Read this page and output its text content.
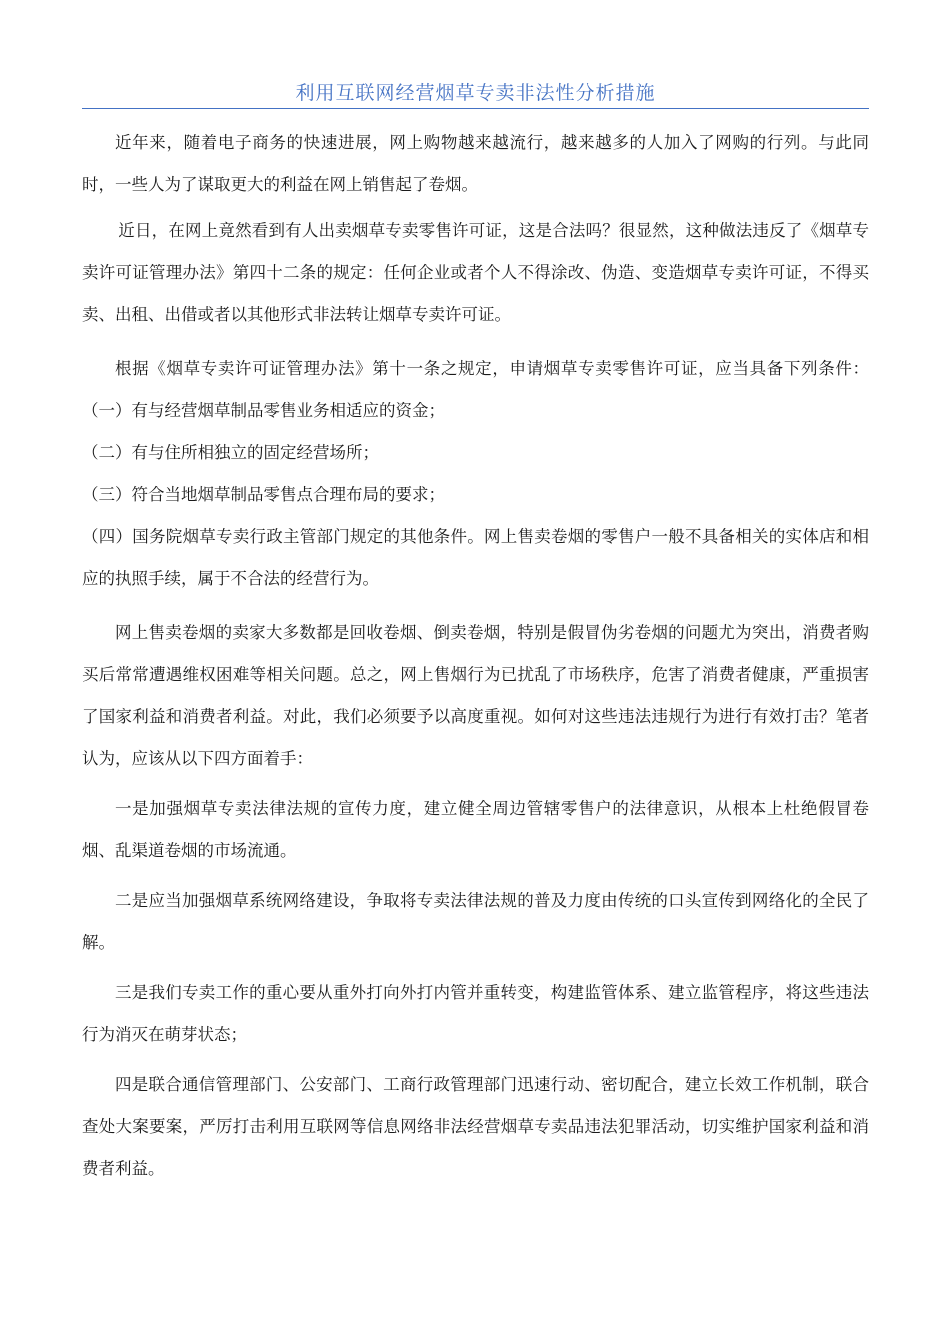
利用互联网经营烟草专卖非法性分析措施

近年来，随着电子商务的快速进展，网上购物越来越流行，越来越多的人加入了网购的行列。与此同时，一些人为了谋取更大的利益在网上销售起了卷烟。

近日，在网上竟然看到有人出卖烟草专卖零售许可证，这是合法吗？很显然，这种做法违反了《烟草专卖许可证管理办法》第四十二条的规定：任何企业或者个人不得涂改、伪造、变造烟草专卖许可证，不得买卖、出租、出借或者以其他形式非法转让烟草专卖许可证。

根据《烟草专卖许可证管理办法》第十一条之规定，申请烟草专卖零售许可证，应当具备下列条件：（一）有与经营烟草制品零售业务相适应的资金；

（二）有与住所相独立的固定经营场所；

（三）符合当地烟草制品零售点合理布局的要求；

（四）国务院烟草专卖行政主管部门规定的其他条件。网上售卖卷烟的零售户一般不具备相关的实体店和相应的执照手续，属于不合法的经营行为。

网上售卖卷烟的卖家大多数都是回收卷烟、倒卖卷烟，特别是假冒伪劣卷烟的问题尤为突出，消费者购买后常常遭遇维权困难等相关问题。总之，网上售烟行为已扰乱了市场秩序，危害了消费者健康，严重损害了国家利益和消费者利益。对此，我们必须要予以高度重视。如何对这些违法违规行为进行有效打击？笔者认为，应该从以下四方面着手：

一是加强烟草专卖法律法规的宣传力度，建立健全周边管辖零售户的法律意识，从根本上杜绝假冒卷烟、乱渠道卷烟的市场流通。

二是应当加强烟草系统网络建设，争取将专卖法律法规的普及力度由传统的口头宣传到网络化的全民了解。

三是我们专卖工作的重心要从重外打向外打内管并重转变，构建监管体系、建立监管程序，将这些违法行为消灭在萌芽状态；

四是联合通信管理部门、公安部门、工商行政管理部门迅速行动、密切配合，建立长效工作机制，联合查处大案要案，严厉打击利用互联网等信息网络非法经营烟草专卖品违法犯罪活动，切实维护国家利益和消费者利益。
